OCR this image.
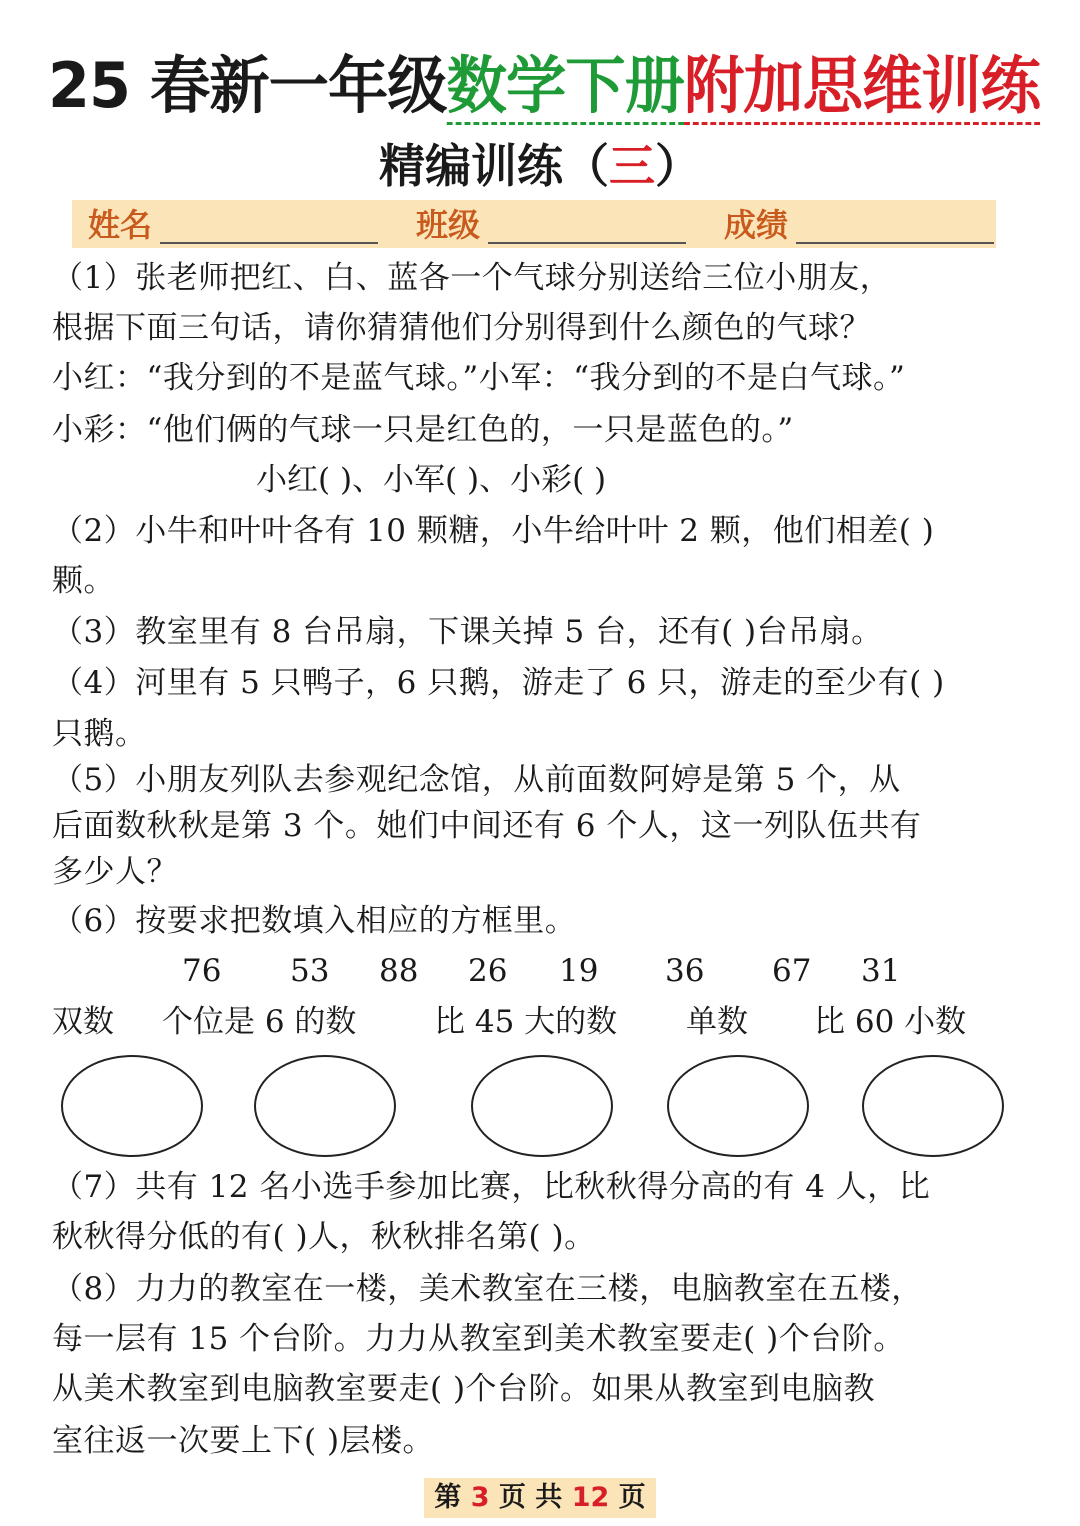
25 春新一年级数学下册附加思维训练
精编训练（三）
姓名	班级	成绩
（1）张老师把红、白、蓝各一个气球分别送给三位小朋友，
根据下面三句话，请你猜猜他们分别得到什么颜色的气球？
小红：“我分到的不是蓝气球。”小军：“我分到的不是白气球。”
小彩：“他们俩的气球一只是红色的，一只是蓝色的。”
小红( )、小军( )、小彩( )
（2）小牛和叶叶各有 10 颗糖，小牛给叶叶 2 颗，他们相差( )
颗。
（3）教室里有 8 台吊扇，下课关掉 5 台，还有( )台吊扇。
（4）河里有 5 只鸭子，6 只鹅，游走了 6 只，游走的至少有( )
只鹅。
（5）小朋友列队去参观纪念馆，从前面数阿婷是第 5 个，从
后面数秋秋是第 3 个。她们中间还有 6 个人，这一列队伍共有
多少人？
（6）按要求把数填入相应的方框里。
76 53 88 26 19 36 67 31
双数 个位是 6 的数	比 45 大的数 单数 比 60 小数
（7）共有 12 名小选手参加比赛，比秋秋得分高的有 4 人，比
秋秋得分低的有( )人，秋秋排名第( )。
（8）力力的教室在一楼，美术教室在三楼，电脑教室在五楼，
每一层有 15 个台阶。力力从教室到美术教室要走( )个台阶。
从美术教室到电脑教室要走( )个台阶。如果从教室到电脑教
室往返一次要上下( )层楼。
第 3 页 共 12 页
